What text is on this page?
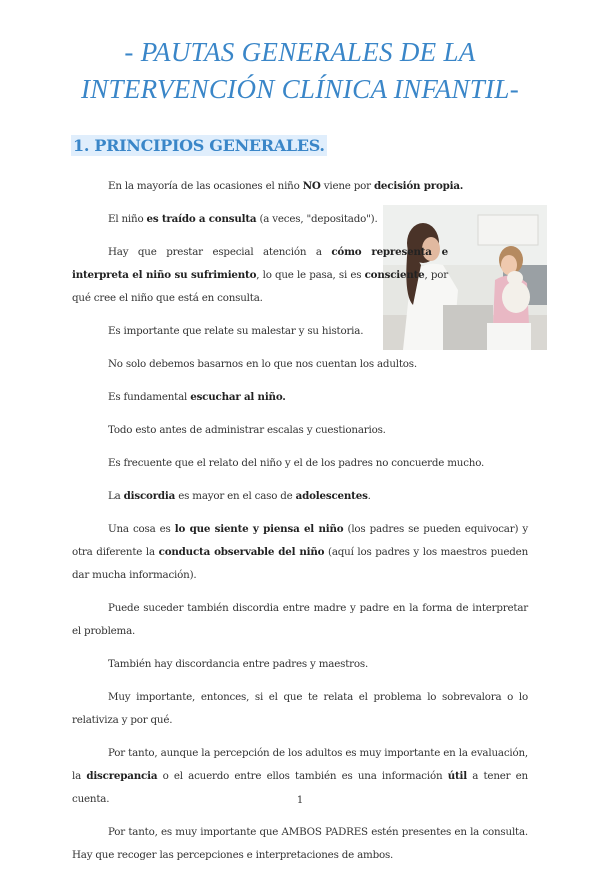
- PAUTAS GENERALES DE LA
INTERVENCIÓN CLÍNICA INFANTIL-
1. PRINCIPIOS GENERALES.

En la mayoría de las ocasiones el niño NO viene por decisión propia.

El niño es traído a consulta (a veces, "depositado").

Hay que prestar especial atención a cómo representa e interpreta el niño su sufrimiento, lo que le pasa, si es consciente, por qué cree el niño que está en consulta.

Es importante que relate su malestar y su historia.

No solo debemos basarnos en lo que nos cuentan los adultos.

Es fundamental escuchar al niño.

Todo esto antes de administrar escalas y cuestionarios.

Es frecuente que el relato del niño y el de los padres no concuerde mucho.

La discordia es mayor en el caso de adolescentes.

Una cosa es lo que siente y piensa el niño (los padres se pueden equivocar) y otra diferente la conducta observable del niño (aquí los padres y los maestros pueden dar mucha información).

Puede suceder también discordia entre madre y padre en la forma de interpretar el problema.

También hay discordancia entre padres y maestros.

Muy importante, entonces, si el que te relata el problema lo sobrevalora o lo relativiza y por qué.

Por tanto, aunque la percepción de los adultos es muy importante en la evaluación, la discrepancia o el acuerdo entre ellos también es una información útil a tener en cuenta.

Por tanto, es muy importante que AMBOS PADRES estén presentes en la consulta. Hay que recoger las percepciones e interpretaciones de ambos.

1
